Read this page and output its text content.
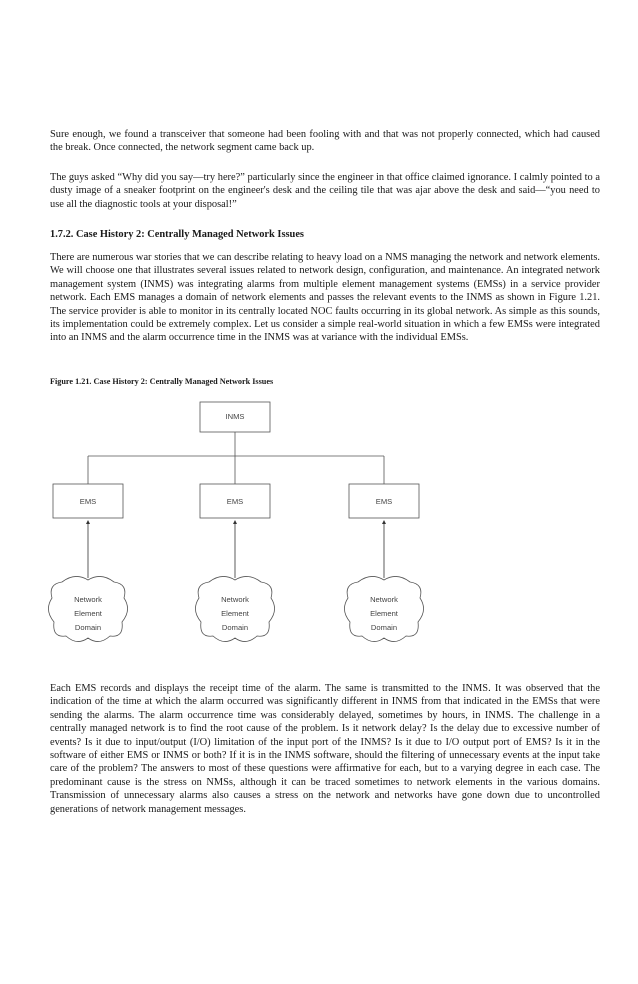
Sure enough, we found a transceiver that someone had been fooling with and that was not properly connected, which had caused the break. Once connected, the network segment came back up.

The guys asked “Why did you say—try here?” particularly since the engineer in that office claimed ignorance. I calmly pointed to a dusty image of a sneaker footprint on the engineer's desk and the ceiling tile that was ajar above the desk and said—“you need to use all the diagnostic tools at your disposal!”

1.7.2. Case History 2: Centrally Managed Network Issues

There are numerous war stories that we can describe relating to heavy load on a NMS managing the network and network elements. We will choose one that illustrates several issues related to network design, configuration, and maintenance. An integrated network management system (INMS) was integrating alarms from multiple element management systems (EMSs) in a service provider network. Each EMS manages a domain of network elements and passes the relevant events to the INMS as shown in Figure 1.21. The service provider is able to monitor in its centrally located NOC faults occurring in its global network. As simple as this sounds, its implementation could be extremely complex. Let us consider a simple real-world situation in which a few EMSs were integrated into an INMS and the alarm occurrence time in the INMS was at variance with the individual EMSs.

Figure 1.21. Case History 2: Centrally Managed Network Issues

INMS
EMS	EMS	EMS
Network
Element
Domain
Network
Element
Domain
Network
Element
Domain

Each EMS records and displays the receipt time of the alarm. The same is transmitted to the INMS. It was observed that the indication of the time at which the alarm occurred was significantly different in INMS from that indicated in the EMSs that were sending the alarms. The alarm occurrence time was considerably delayed, sometimes by hours, in INMS. The challenge in a centrally managed network is to find the root cause of the problem. Is it network delay? Is the delay due to excessive number of events? Is it due to input/output (I/O) limitation of the input port of the INMS? Is it due to I/O output port of EMS? Is it in the software of either EMS or INMS or both? If it is in the INMS software, should the filtering of unnecessary events at the input take care of the problem? The answers to most of these questions were affirmative for each, but to a varying degree in each case. The predominant cause is the stress on NMSs, although it can be traced sometimes to network elements in the various domains. Transmission of unnecessary alarms also causes a stress on the network and networks have gone down due to uncontrolled generations of network management messages.
